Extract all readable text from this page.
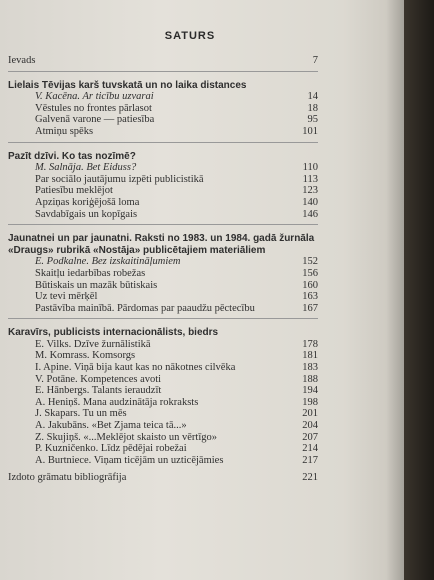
SATURS
Ievads	7
Lielais Tēvijas karš tuvskatā un no laika distances
V. Kacēna. Ar ticību uzvarai	14
Vēstules no frontes pārlasot	18
Galvenā varone — patiesība	95
Atmiņu spēks	101
Pazīt dzīvi. Ko tas nozīmē?
M. Salnāja. Bet Eiduss?	110
Par sociālo jautājumu izpēti publicistikā	113
Patiesību meklējot	123
Apziņas koriģējošā loma	140
Savdabīgais un kopīgais	146
Jaunatnei un par jaunatni. Raksti no 1983. un 1984. gadā žurnāla «Draugs» rubrikā «Nostāja» publicētajiem materiāliem
E. Podkalne. Bez izskaitināļumiem	152
Skaitļu iedarbības robežas	156
Būtiskais un mazāk būtiskais	160
Uz tevi mērķēl	163
Pastāvība mainībā. Pārdomas par paaudžu pēctecību	167
Karavīrs, publicists internacionālists, biedrs
E. Vilks. Dzīve žurnālistikā	178
M. Komrass. Komsorgs	181
I. Apine. Viņā bija kaut kas no nākotnes cilvēka	183
V. Potāne. Kompetences avoti	188
E. Hānbergs. Talants ieraudzīt	194
A. Heniņš. Mana audzinātāja rokraksts	198
J. Skapars. Tu un mēs	201
A. Jakubāns. «Bet Zjama teica tā...»	204
Z. Skujiņš. «...Meklējot skaisto un vērtīgo»	207
P. Kuzničenko. Līdz pēdējai robežai	214
A. Burtniece. Viņam ticējām un uzticējāmies	217
Izdoto grāmatu bibliogrāfija	221
